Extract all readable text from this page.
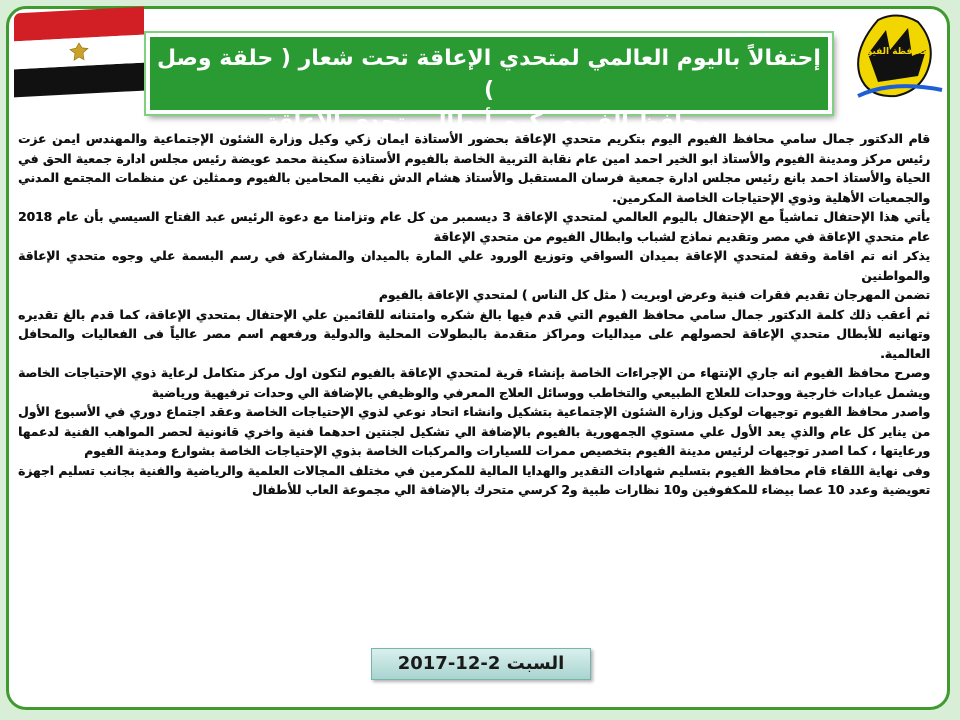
إحتفالاً باليوم العالمي لمتحدي الإعاقة تحت شعار ( حلقة وصل )
محافظ الفيوم يكرم أبطال متحدي الإعاقة
محافظة الفيوم

قام الدكتور جمال سامي محافظ الفيوم اليوم بتكريم متحدي الإعاقة بحضور الأستاذة ايمان زكي وكيل وزارة الشئون الإجتماعية والمهندس ايمن عزت رئيس مركز ومدينة الفيوم والأستاذ ابو الخير احمد امين عام نقابة التربية الخاصة بالفيوم الأستاذة سكينة محمد عويضة رئيس مجلس ادارة جمعية الحق في الحياة والأستاذ احمد بانع رئيس مجلس ادارة جمعية فرسان المستقبل والأستاذ هشام الدش نقيب المحامين بالفيوم وممثلين عن منظمات المجتمع المدني والجمعيات الأهلية وذوي الإحتياجات الخاصة المكرمين.

يأتي هذا الإحتفال تماشياً مع الإحتفال باليوم العالمي لمتحدي الإعاقة 3 ديسمبر من كل عام وتزامنا مع دعوة الرئيس عبد الفتاح السيسي بأن عام 2018 عام متحدي الإعاقة في مصر وتقديم نماذج لشباب وابطال الفيوم من متحدي الإعاقة

يذكر انه تم اقامة وقفة لمتحدي الإعاقة بميدان السواقي وتوزيع الورود علي المارة بالميدان والمشاركة في رسم البسمة علي وجوه متحدي الإعاقة والمواطنين

تضمن المهرجان تقديم فقرات فنية وعرض اوبريت ( مثل كل الناس ) لمتحدي الإعاقة بالفيوم

ثم أعقب ذلك كلمة الدكتور جمال سامي محافظ الفيوم التي قدم فيها بالغ شكره وامتنانه للقائمين علي الإحتفال بمتحدي الإعاقة، كما قدم بالغ تقديره وتهانيه للأبطال متحدي الإعاقة لحصولهم على ميداليات ومراكز متقدمة بالبطولات المحلية والدولية ورفعهم اسم مصر عالياً فى الفعاليات والمحافل العالمية.

وصرح محافظ الفيوم انه جاري الإنتهاء من الإجراءات الخاصة بإنشاء قرية لمتحدي الإعاقة بالفيوم لتكون اول مركز متكامل لرعاية ذوي الإحتياجات الخاصة ويشمل عيادات خارجية ووحدات للعلاج الطبيعي والتخاطب ووسائل العلاج المعرفي والوظيفي بالإضافة الي وحدات ترفيهية ورياضية

واصدر محافظ الفيوم توجيهات لوكيل وزارة الشئون الإجتماعية بتشكيل وانشاء اتحاد نوعي لذوي الإحتياجات الخاصة وعقد اجتماع دوري في الأسبوع الأول من يناير كل عام والذي يعد الأول علي مستوي الجمهورية بالفيوم بالإضافة الي تشكيل لجنتين احدهما فنية واخري قانونية لحصر المواهب الفنية لدعمها ورعايتها ، كما اصدر توجيهات لرئيس مدينة الفيوم بتخصيص ممرات للسيارات والمركبات الخاصة بذوي الإحتياجات الخاصة بشوارع ومدينة الفيوم

وفى نهاية اللقاء قام محافظ الفيوم بتسليم شهادات التقدير والهدايا المالية للمكرمين في مختلف المجالات العلمية والرياضية والفنية بجانب تسليم اجهزة تعويضية وعدد 10 عصا بيضاء للمكفوفين و10 نظارات طبية و2 كرسي متحرك بالإضافة الي مجموعة العاب للأطفال

السبت 2-12-2017
